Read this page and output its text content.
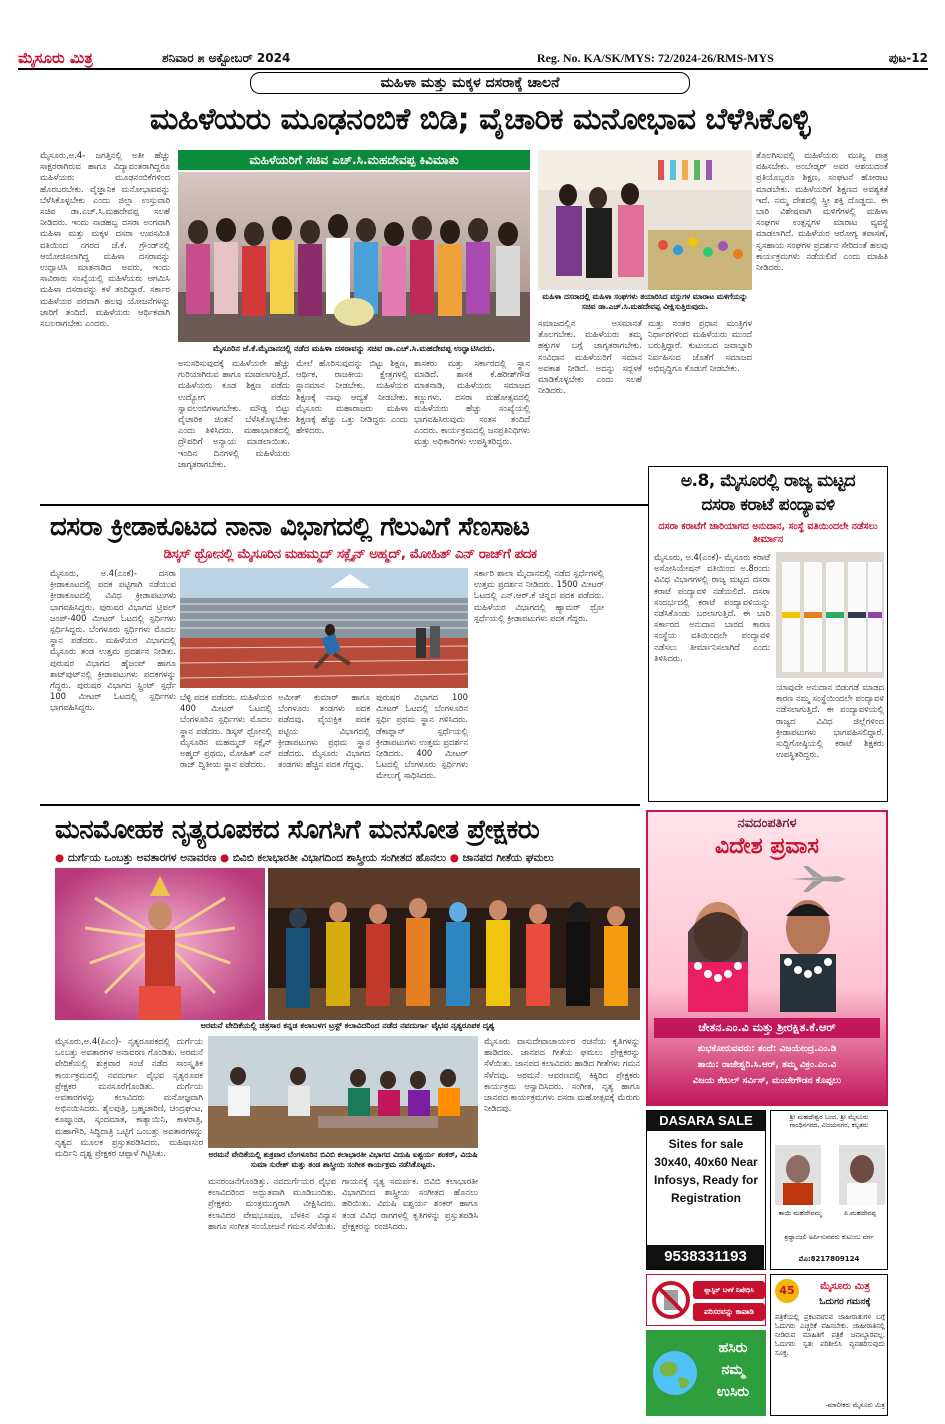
ಮೈಸೂರು ಮಿತ್ರ	ಶನಿವಾರ ೫ ಅಕ್ಟೋಬರ್ 2024	Reg. No. KA/SK/MYS: 72/2024-26/RMS-MYS	ಪುಟ-12
ಮಹಿಳಾ ಮತ್ತು ಮಕ್ಕಳ ದಸರಾಕ್ಕೆ ಚಾಲನೆ
ಮಹಿಳೆಯರು ಮೂಢನಂಬಿಕೆ ಬಿಡಿ; ವೈಚಾರಿಕ ಮನೋಭಾವ ಬೆಳೆಸಿಕೊಳ್ಳಿ
ಮೈಸೂರು,ಅ.4- ಜಗತ್ತಿನಲ್ಲಿ ಅತೀ ಹೆಚ್ಚು ಸಾಕ್ಷರರಾಗಿರುವ ಹಾಗೂ ವಿದ್ಯಾವಂತರಾಗಿದ್ದರೂ ಮಹಿಳೆಯರು ಮೂಢನಂಬಿಕೆಗಳಿಂದ ಹೊರಬರಬೇಕು. ವೈಜ್ಞಾನಿಕ ಮನೋಭಾವವನ್ನು ಬೆಳೆಸಿಕೊಳ್ಳಬೇಕು ಎಂದು ಜಿಲ್ಲಾ ಉಸ್ತುವಾರಿ ಸಚಿವ ಡಾ.ಎಚ್.ಸಿ.ಮಹದೇವಪ್ಪ ಸಲಹೆ ನೀಡಿದರು. ಇಂದು ನಾಡಹಬ್ಬ ದಸರಾ ಅಂಗವಾಗಿ ಮಹಿಳಾ ಮತ್ತು ಮಕ್ಕಳ ದಸರಾ ಉಪಸಮಿತಿ ವತಿಯಿಂದ ನಗರದ ಜೆ.ಕೆ. ಗ್ರೌಂಡ್‌ನಲ್ಲಿ ಆಯೋಜಿಸಲಾಗಿದ್ದ ಮಹಿಳಾ ದಸರಾವನ್ನು ಉದ್ಘಾಟಿಸಿ ಮಾತನಾಡಿದ ಅವರು, ಇಂದು ಸಾವಿರಾರು ಸಂಖ್ಯೆಯಲ್ಲಿ ಮಹಿಳೆಯರು ಆಗಮಿಸಿ ಮಹಿಳಾ ದಸರಾವನ್ನು ಕಳೆ ತಂದಿದ್ದಾರೆ. ಸರ್ಕಾರ ಮಹಿಳೆಯರ ಪರವಾಗಿ ಹಲವು ಯೋಜನೆಗಳನ್ನು ಜಾರಿಗೆ ತಂದಿದೆ. ಮಹಿಳೆಯರು ಆರ್ಥಿಕವಾಗಿ ಸಬಲರಾಗಬೇಕು ಎಂದರು.
ಮಹಿಳೆಯರಿಗೆ ಸಚಿವ ಎಚ್.ಸಿ.ಮಹದೇವಪ್ಪ ಕಿವಿಮಾತು
ಮೈಸೂರಿನ ಜೆ.ಕೆ.ಮೈದಾನದಲ್ಲಿ ನಡೆದ ಮಹಿಳಾ ದಸರಾವನ್ನು ಸಚಿವ ಡಾ.ಎಚ್.ಸಿ.ಮಹದೇವಪ್ಪ ಉದ್ಘಾಟಿಸಿದರು.
ಮಹಿಳಾ ದಸರಾದಲ್ಲಿ ಮಹಿಳಾ ಸಂಘಗಳು ತಯಾರಿಸಿದ ವಸ್ತುಗಳ ಮಾರಾಟ ಮಳಿಗೆಯನ್ನು ಸಚಿವ ಡಾ.ಎಚ್.ಸಿ.ಮಹದೇವಪ್ಪ ವೀಕ್ಷಿಸುತ್ತಿರುವುದು.
ತೊಲಗಿಸುವಲ್ಲಿ ಮಹಿಳೆಯರು ಮುಖ್ಯ ಪಾತ್ರ ವಹಿಸಬೇಕು. ಅಂಬೇಡ್ಕರ್ ಅವರ ಆಶಯದಂತೆ ಪ್ರತಿಯೊಬ್ಬರೂ ಶಿಕ್ಷಣ, ಸಂಘಟನೆ ಹೋರಾಟ ಮಾಡಬೇಕು. ಮಹಿಳೆಯರಿಗೆ ಶಿಕ್ಷಣದ ಅವಶ್ಯಕತೆ ಇದೆ. ನಮ್ಮ ದೇಶದಲ್ಲಿ ಸ್ತ್ರೀ ಶಕ್ತಿ ದೊಡ್ಡದು. ಈ ಬಾರಿ ವಿಶೇಷವಾಗಿ ಮಳಿಗೆಗಳಲ್ಲಿ ಮಹಿಳಾ ಸಂಘಗಳ ಉತ್ಪನ್ನಗಳ ಮಾರಾಟ ವ್ಯವಸ್ಥೆ ಮಾಡಲಾಗಿದೆ. ಮಹಿಳೆಯರ ಆರೋಗ್ಯ ತಪಾಸಣೆ, ಸ್ವಸಹಾಯ ಸಂಘಗಳ ಪ್ರದರ್ಶನ ಸೇರಿದಂತೆ ಹಲವು ಕಾರ್ಯಕ್ರಮಗಳು ನಡೆಯಲಿವೆ ಎಂದು ಮಾಹಿತಿ ನೀಡಿದರು.
ಅನುಸರಿಸುವುದಕ್ಕೆ ಮಹಿಳೆಯರೇ ಹೆಚ್ಚು ಗುರಿಯಾಗಿರುವ ಹಾಗೂ ಮಾಡಲಾಗುತ್ತಿದೆ. ಮಹಿಳೆಯರು ಕೂಡ ಶಿಕ್ಷಣ ಪಡೆದು ಉದ್ಯೋಗ ಪಡೆದು ಸ್ವಾವಲಂಬಿಗಳಾಗಬೇಕು. ಮೌಢ್ಯ ಬಿಟ್ಟು ವೈಚಾರಿಕ ಚಿಂತನೆ ಬೆಳೆಸಿಕೊಳ್ಳಬೇಕು ಎಂದು ತಿಳಿಸಿದರು. ಮಹಾಭಾರತದಲ್ಲಿ ದ್ರೌಪದಿಗೆ ಅನ್ಯಾಯ ಮಾಡಲಾಯಿತು. ಇಂದಿನ ದಿನಗಳಲ್ಲಿ ಮಹಿಳೆಯರು ಜಾಗೃತರಾಗಬೇಕು.
ಮೇಲೆ ಹೊರಿಸುವುದನ್ನು ಬಿಟ್ಟು ಶಿಕ್ಷಣ, ಆರ್ಥಿಕ, ರಾಜಕೀಯ ಕ್ಷೇತ್ರಗಳಲ್ಲಿ ಸ್ಥಾನಮಾನ ನೀಡಬೇಕು. ಮಹಿಳೆಯರ ಶಿಕ್ಷಣಕ್ಕೆ ನಾವು ಆದ್ಯತೆ ನೀಡಬೇಕು. ಮೈಸೂರು ಮಹಾರಾಜರು ಮಹಿಳಾ ಶಿಕ್ಷಣಕ್ಕೆ ಹೆಚ್ಚು ಒತ್ತು ನೀಡಿದ್ದರು ಎಂದು ಹೇಳಿದರು.
ಶಾಸಕರು ಮತ್ತು ಸರ್ಕಾರದಲ್ಲಿ ಸ್ಥಾನ ಮಾಡಿದೆ. ಶಾಸಕ ಕೆ.ಹರೀಶ್‌ಗೌಡ ಮಾತನಾಡಿ, ಮಹಿಳೆಯರು ಸಮಾಜದ ಕಣ್ಣುಗಳು. ದಸರಾ ಮಹೋತ್ಸವದಲ್ಲಿ ಮಹಿಳೆಯರು ಹೆಚ್ಚು ಸಂಖ್ಯೆಯಲ್ಲಿ ಭಾಗವಹಿಸಿರುವುದು ಸಂತಸ ತಂದಿದೆ ಎಂದರು. ಕಾರ್ಯಕ್ರಮದಲ್ಲಿ ಜನಪ್ರತಿನಿಧಿಗಳು ಮತ್ತು ಅಧಿಕಾರಿಗಳು ಉಪಸ್ಥಿತರಿದ್ದರು.
ಸಮಾಜದಲ್ಲಿನ ಅಸಮಾನತೆ ತೊಲಗಬೇಕು. ಮಹಿಳೆಯರು ತಮ್ಮ ಹಕ್ಕುಗಳ ಬಗ್ಗೆ ಜಾಗೃತರಾಗಬೇಕು. ಸಂವಿಧಾನ ಮಹಿಳೆಯರಿಗೆ ಸಮಾನ ಅವಕಾಶ ನೀಡಿದೆ. ಅದನ್ನು ಸದ್ಬಳಕೆ ಮಾಡಿಕೊಳ್ಳಬೇಕು ಎಂದು ಸಲಹೆ ನೀಡಿದರು.
ಮತ್ತು ನಂತರ ಪ್ರಧಾನ ಮಂತ್ರಿಗಳ ನಿರ್ಧಾರಗಳಿಂದ ಮಹಿಳೆಯರು ಮುಂದೆ ಬರುತ್ತಿದ್ದಾರೆ. ಕುಟುಂಬದ ಜವಾಬ್ದಾರಿ ನಿರ್ವಹಿಸುವ ಜೊತೆಗೆ ಸಮಾಜದ ಅಭಿವೃದ್ಧಿಗೂ ಕೊಡುಗೆ ನೀಡಬೇಕು.
ದಸರಾ ಕ್ರೀಡಾಕೂಟದ ನಾನಾ ವಿಭಾಗದಲ್ಲಿ ಗೆಲುವಿಗೆ ಸೆಣಸಾಟ
ಡಿಸ್ಕಸ್ ಥ್ರೋನಲ್ಲಿ ಮೈಸೂರಿನ ಮಹಮ್ಮದ್ ಸಕ್ಲೈನ್ ಅಹ್ಮದ್, ಮೋಹಿತ್ ಎನ್ ರಾಜ್‌ಗೆ ಪದಕ
ಮೈಸೂರು, ಅ.4(ಎಂಕೆ)- ದಸರಾ ಕ್ರೀಡಾಕೂಟದಲ್ಲಿ ಪದಕ ಪಟ್ಟಿಗಾಗಿ ನಡೆಯುವ ಕ್ರೀಡಾಕೂಟದಲ್ಲಿ ವಿವಿಧ ಕ್ರೀಡಾಪಟುಗಳು ಭಾಗವಹಿಸಿದ್ದರು. ಪುರುಷರ ವಿಭಾಗದ ಟ್ರಿಪಲ್ ಜಂಪ್-400 ಮೀಟರ್ ಓಟದಲ್ಲಿ ಸ್ಪರ್ಧಿಗಳು ಸ್ಪರ್ಧಿಸಿದ್ದರು. ಬೆಂಗಳೂರು ಸ್ಪರ್ಧಿಗಳು ಮೊದಲ ಸ್ಥಾನ ಪಡೆದರು. ಮಹಿಳೆಯರ ವಿಭಾಗದಲ್ಲಿ ಮೈಸೂರು ತಂಡ ಉತ್ತಮ ಪ್ರದರ್ಶನ ನೀಡಿತು. ಪುರುಷರ ವಿಭಾಗದ ಹೈಜಂಪ್ ಹಾಗೂ ಶಾಟ್‌ಪುಟ್‌ನಲ್ಲಿ ಕ್ರೀಡಾಪಟುಗಳು ಪದಕಗಳನ್ನು ಗೆದ್ದರು. ಪುರುಷರ ವಿಭಾಗದ ಸ್ಪ್ರಿಂಟ್ ಸ್ಪರ್ಧೆ 100 ಮೀಟರ್ ಓಟದಲ್ಲಿ ಸ್ಪರ್ಧಿಗಳು ಭಾಗವಹಿಸಿದ್ದರು.
ಸರ್ಕಾರಿ ಶಾಲಾ ಮೈದಾನದಲ್ಲಿ ನಡೆದ ಸ್ಪರ್ಧೆಗಳಲ್ಲಿ ಉತ್ತಮ ಪ್ರದರ್ಶನ ನೀಡಿದರು. 1500 ಮೀಟರ್ ಓಟದಲ್ಲಿ ಎನ್.ಆರ್.ಕೆ ಚಿನ್ನದ ಪದಕ ಪಡೆದರು. ಮಹಿಳೆಯರ ವಿಭಾಗದಲ್ಲಿ ಹ್ಯಾಮರ್ ಥ್ರೋ ಸ್ಪರ್ಧೆಯಲ್ಲಿ ಕ್ರೀಡಾಪಟುಗಳು ಪದಕ ಗೆದ್ದರು.
ಬೆಳ್ಳಿ ಪದಕ ಪಡೆದರು. ಮಹಿಳೆಯರ 400 ಮೀಟರ್ ಓಟದಲ್ಲಿ ಬೆಂಗಳೂರಿನ ಸ್ಪರ್ಧಿಗಳು ಮೊದಲ ಸ್ಥಾನ ಪಡೆದರು. ಡಿಸ್ಕಸ್ ಥ್ರೋನಲ್ಲಿ ಮೈಸೂರಿನ ಮಹಮ್ಮದ್ ಸಕ್ಲೈನ್ ಅಹ್ಮದ್ ಪ್ರಥಮ, ಮೋಹಿತ್ ಎನ್ ರಾಜ್ ದ್ವಿತೀಯ ಸ್ಥಾನ ಪಡೆದರು.
ಅಮೀತ್ ಕುಮಾರ್ ಹಾಗೂ ಬೆಂಗಳೂರು ತಂಡಗಳು ಪದಕ ಪಡೆದವು. ವೈಯಕ್ತಿಕ ಪದಕ ಪಟ್ಟಿಯ ವಿಭಾಗದಲ್ಲಿ ಕ್ರೀಡಾಪಟುಗಳು ಪ್ರಥಮ ಸ್ಥಾನ ಪಡೆದರು. ಮೈಸೂರು ವಿಭಾಗದ ತಂಡಗಳು ಹೆಚ್ಚಿನ ಪದಕ ಗೆದ್ದವು.
ಪುರುಷರ ವಿಭಾಗದ 100 ಮೀಟರ್ ಓಟದಲ್ಲಿ ಬೆಂಗಳೂರಿನ ಸ್ಪರ್ಧಿ ಪ್ರಥಮ ಸ್ಥಾನ ಗಳಿಸಿದರು. ಡೆಕಾಥ್ಲಾನ್ ಸ್ಪರ್ಧೆಯಲ್ಲಿ ಕ್ರೀಡಾಪಟುಗಳು ಉತ್ತಮ ಪ್ರದರ್ಶನ ನೀಡಿದರು. 400 ಮೀಟರ್ ಓಟದಲ್ಲಿ ಬೆಂಗಳೂರು ಸ್ಪರ್ಧಿಗಳು ಮೇಲುಗೈ ಸಾಧಿಸಿದರು.
ಅ.8, ಮೈಸೂರಲ್ಲಿ ರಾಜ್ಯ ಮಟ್ಟದ
ದಸರಾ ಕರಾಟೆ ಪಂದ್ಯಾವಳಿ
ದಸರಾ ಕರಾಟೆಗೆ ಜಾರಿಯಾಗದ ಅನುದಾನ, ಸಂಸ್ಥೆ ವತಿಯಿಂದಲೇ ನಡೆಸಲು ತೀರ್ಮಾನ
ಮೈಸೂರು, ಅ.4(ಎಂಕೆ)- ಮೈಸೂರು ಕರಾಟೆ ಅಸೋಸಿಯೇಷನ್ ವತಿಯಿಂದ ಅ.8ರಂದು ವಿವಿಧ ವಿಭಾಗಗಳಲ್ಲಿ ರಾಜ್ಯ ಮಟ್ಟದ ದಸರಾ ಕರಾಟೆ ಪಂದ್ಯಾವಳಿ ನಡೆಯಲಿದೆ. ದಸರಾ ಸಂದರ್ಭದಲ್ಲಿ ಕರಾಟೆ ಪಂದ್ಯಾವಳಿಯನ್ನು ನಡೆಸಿಕೊಂಡು ಬರಲಾಗುತ್ತಿದೆ. ಈ ಬಾರಿ ಸರ್ಕಾರದ ಅನುದಾನ ಬಾರದ ಕಾರಣ ಸಂಸ್ಥೆಯ ವತಿಯಿಂದಲೇ ಪಂದ್ಯಾವಳಿ ನಡೆಸಲು ತೀರ್ಮಾನಿಸಲಾಗಿದೆ ಎಂದು ತಿಳಿಸಿದರು.
ಯಾವುದೇ ಅನುದಾನ ಬಿಡುಗಡೆ ಮಾಡದ ಕಾರಣ ನಮ್ಮ ಸಂಸ್ಥೆಯಿಂದಲೇ ಪಂದ್ಯಾವಳಿ ನಡೆಸಲಾಗುತ್ತಿದೆ. ಈ ಪಂದ್ಯಾವಳಿಯಲ್ಲಿ ರಾಜ್ಯದ ವಿವಿಧ ಜಿಲ್ಲೆಗಳಿಂದ ಕ್ರೀಡಾಪಟುಗಳು ಭಾಗವಹಿಸಲಿದ್ದಾರೆ. ಸುದ್ದಿಗೋಷ್ಠಿಯಲ್ಲಿ ಕರಾಟೆ ಶಿಕ್ಷಕರು ಉಪಸ್ಥಿತರಿದ್ದರು.
ಮನಮೋಹಕ ನೃತ್ಯರೂಪಕದ ಸೊಗಸಿಗೆ ಮನಸೋತ ಪ್ರೇಕ್ಷಕರು
● ದುರ್ಗೆಯ ಒಂಬತ್ತು ಅವತಾರಗಳ ಅನಾವರಣ ● ಬಿವಿಬಿ ಕಲಾಭಾರತೀ ವಿಭಾಗದಿಂದ ಶಾಸ್ತ್ರೀಯ ಸಂಗೀತದ ಹೊನಲು ● ಜಾನಪದ ಗೀತೆಯ ಘಮಲು
ಅರಮನೆ ವೇದಿಕೆಯಲ್ಲಿ ಚಿತ್ರಸಾರ ಕನ್ನಡ ಕಲಾಬಳಗ ಟ್ರಸ್ಟ್ ಕಲಾವಿದರಿಂದ ನಡೆದ ನವದುರ್ಗಾ ವೈಭವ ನೃತ್ಯರೂಪಕ ದೃಶ್ಯ
ಮೈಸೂರು,ಅ.4(ಪಿಎಂ)- ನೃತ್ಯರೂಪಕದಲ್ಲಿ ದುರ್ಗೆಯ ಒಂಬತ್ತು ಅವತಾರಗಳ ಅನಾವರಣ ಗೊಂಡಿತು. ಅರಮನೆ ವೇದಿಕೆಯಲ್ಲಿ ಶುಕ್ರವಾರ ಸಂಜೆ ನಡೆದ ಸಾಂಸ್ಕೃತಿಕ ಕಾರ್ಯಕ್ರಮದಲ್ಲಿ ನವದುರ್ಗಾ ವೈಭವ ನೃತ್ಯರೂಪಕ ಪ್ರೇಕ್ಷಕರ ಮನಸೂರೆಗೊಂಡಿತು. ದುರ್ಗೆಯ ಅವತಾರಗಳನ್ನು ಕಲಾವಿದರು ಮನೋಜ್ಞವಾಗಿ ಅಭಿನಯಿಸಿದರು. ಶೈಲಪುತ್ರಿ, ಬ್ರಹ್ಮಚಾರಿಣಿ, ಚಂದ್ರಘಂಟ, ಕೂಷ್ಮಾಂಡ, ಸ್ಕಂದಮಾತ, ಕಾತ್ಯಾಯಿನಿ, ಕಾಳರಾತ್ರಿ, ಮಹಾಗೌರಿ, ಸಿದ್ಧಿದಾತ್ರಿ ಒಟ್ಟಿಗೆ ಒಂಬತ್ತು ಅವತಾರಗಳನ್ನು ನೃತ್ಯದ ಮೂಲಕ ಪ್ರಸ್ತುತಪಡಿಸಿದರು. ಮಹಿಷಾಸುರ ಮರ್ದಿನಿ ದೃಶ್ಯ ಪ್ರೇಕ್ಷಕರ ಚಪ್ಪಾಳೆ ಗಿಟ್ಟಿಸಿತು.	ಅರಮನೆ ವೇದಿಕೆಯಲ್ಲಿ ಶುಕ್ರವಾರ ಬೆಂಗಳೂರಿನ ಬಿವಿಬಿ ಕಲಾಭಾರತೀ ವಿಭಾಗದ ವಿದುಷಿ ಐಶ್ವರ್ಯ ಶಂಕರ್, ವಿದುಷಿ ಸುಮಾ ಸುರೇಶ್ ಮತ್ತು ತಂಡ ಶಾಸ್ತ್ರೀಯ ಸಂಗೀತ ಕಾರ್ಯಕ್ರಮ ನಡೆಸಿಕೊಟ್ಟರು.
ಮನರಂಜನೆಗೊಂಡಿತ್ತು. ನವದುರ್ಗೆಯರ ವೈಭವ ಕಲಾವಿದರಿಂದ ಅದ್ಭುತವಾಗಿ ಮೂಡಿಬಂದಿತು. ಪ್ರೇಕ್ಷಕರು ಮಂತ್ರಮುಗ್ಧರಾಗಿ ವೀಕ್ಷಿಸಿದರು. ಕಲಾವಿದರ ವೇಷಭೂಷಣ, ಬೆಳಕಿನ ವಿನ್ಯಾಸ ಹಾಗೂ ಸಂಗೀತ ಸಂಯೋಜನೆ ಗಮನ ಸೆಳೆಯಿತು.
ಗಾಯನಕ್ಕೆ ನೃತ್ಯ ಸಮರ್ಪಕ. ಬಿವಿಬಿ ಕಲಾಭಾರತೀ ವಿಭಾಗದಿಂದ ಶಾಸ್ತ್ರೀಯ ಸಂಗೀತದ ಹೊನಲು ಹರಿಯಿತು. ವಿದುಷಿ ಐಶ್ವರ್ಯ ಶಂಕರ್ ಹಾಗೂ ತಂಡ ವಿವಿಧ ರಾಗಗಳಲ್ಲಿ ಕೃತಿಗಳನ್ನು ಪ್ರಸ್ತುತಪಡಿಸಿ ಪ್ರೇಕ್ಷಕರನ್ನು ರಂಜಿಸಿದರು.
ಮೈಸೂರು ವಾಸುದೇವಾಚಾರ್ಯರ ರಚನೆಯ ಕೃತಿಗಳನ್ನು ಹಾಡಿದರು. ಜಾನಪದ ಗೀತೆಯ ಘಮಲು ಪ್ರೇಕ್ಷಕರನ್ನು ಸೆಳೆಯಿತು. ಜಾನಪದ ಕಲಾವಿದರು ಹಾಡಿದ ಗೀತೆಗಳು ಗಮನ ಸೆಳೆದವು. ಅರಮನೆ ಆವರಣದಲ್ಲಿ ಕಿಕ್ಕಿರಿದ ಪ್ರೇಕ್ಷಕರು ಕಾರ್ಯಕ್ರಮ ಆಸ್ವಾದಿಸಿದರು. ಸಂಗೀತ, ನೃತ್ಯ ಹಾಗೂ ಜಾನಪದ ಕಾರ್ಯಕ್ರಮಗಳು ದಸರಾ ಮಹೋತ್ಸವಕ್ಕೆ ಮೆರುಗು ನೀಡಿದವು.
ನವದಂಪತಿಗಳ
ವಿದೇಶ ಪ್ರವಾಸ
ಚೇತನ.ಎಂ.ವಿ ಮತ್ತು ಶ್ರೀರಕ್ಷಿತ.ಕೆ.ಆರ್
ಶುಭಕೋರುವವರು: ತಂದೆ: ವಿಜಯೇಂದ್ರ.ಎಂ.ಡಿ
ತಾಯಿ: ರಾಜೇಶ್ವರಿ.ಸಿ.ಆರ್, ತಮ್ಮ ವಿಕ್ರಂ.ಎಂ.ವಿ
ವಿಜಯ ಕೇಬಲ್ ಸರ್ವಿಸ್, ಮಂಚೇಗೌಡನ ಕೊಪ್ಪಲು
DASARA SALE
Sites for sale
30x40, 40x60 Near
Infosys, Ready for
Registration
9538331193
ಶ್ರೀ ಮಹದೇಶ್ವರ ಬಂದ, ಶ್ರೀ ಮೈಸೂರು ಗಾಂಧಿನಗರದ, ವಿಜಯನಗರ, ಕಲ್ಪತರು
ತಾಯಿ ಮಹದೇವಮ್ಮ	ಪಿ.ಮಹದೇವಪ್ಪ
ಶ್ರದ್ಧಾಂಜಲಿ ಅರ್ಪಿಸುವವರು ಕುಟುಂಬ ವರ್ಗ
ಮೊ:8217809124
ಪ್ಲಾಸ್ಟಿಕ್ ಬಳಕೆ ನಿಷೇಧಿಸಿ
ಪರಿಸರವನ್ನು ಕಾಪಾಡಿ
ಹಸಿರು
ನಮ್ಮ
ಉಸಿರು
45	ಮೈಸೂರು ಮಿತ್ರ
ಓದುಗರ ಗಮನಕ್ಕೆ
ಪತ್ರಿಕೆಯಲ್ಲಿ ಪ್ರಕಟವಾಗುವ ಜಾಹೀರಾತುಗಳ ಬಗ್ಗೆ ಓದುಗರು ಎಚ್ಚರಿಕೆ ವಹಿಸಬೇಕು. ಜಾಹೀರಾತಿನಲ್ಲಿ ನೀಡಿರುವ ಮಾಹಿತಿಗೆ ಪತ್ರಿಕೆ ಜವಾಬ್ದಾರವಲ್ಲ. ಓದುಗರು ಸ್ವತಃ ಪರಿಶೀಲಿಸಿ ವ್ಯವಹರಿಸುವುದು ಸೂಕ್ತ.
-ಮಾಲೀಕರು ಮೈಸೂರು ಮಿತ್ರ
